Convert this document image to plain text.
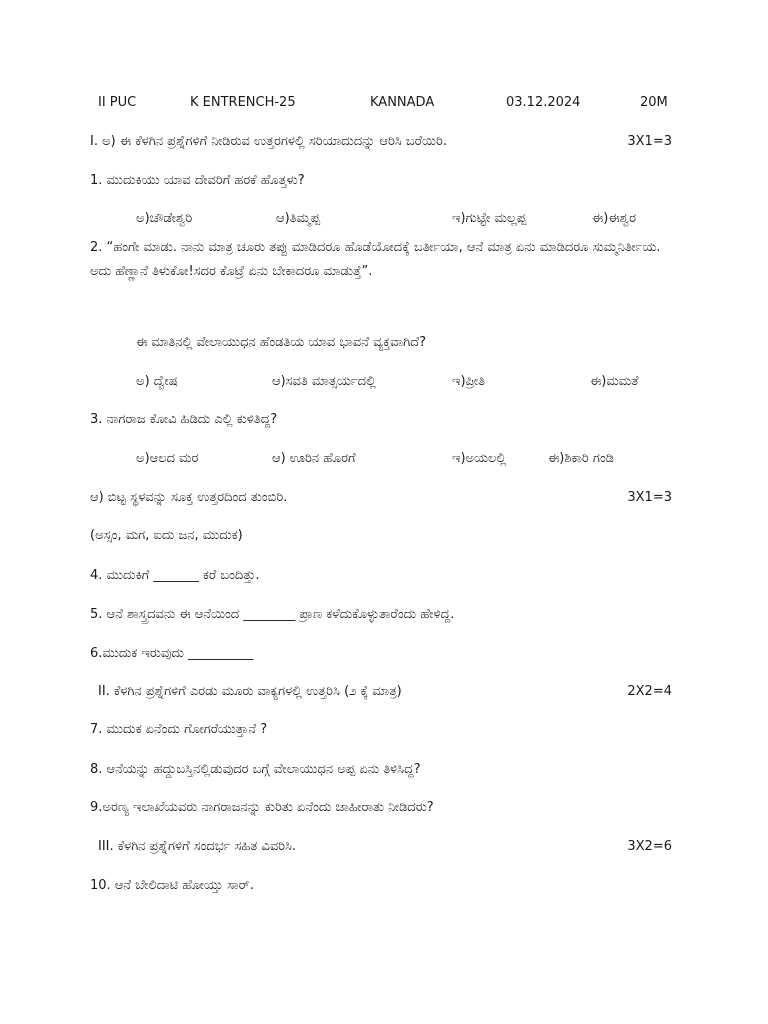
II PUC	K ENTRENCH-25	KANNADA	03.12.2024	20M
I. ಅ) ಈ ಕೆಳಗಿನ ಪ್ರಶ್ನೆಗಳಿಗೆ ನೀಡಿರುವ ಉತ್ತರಗಳಲ್ಲಿ ಸರಿಯಾದುದನ್ನು ಆರಿಸಿ ಬರೆಯಿರಿ.	3X1=3
1. ಮುದುಕಿಯು ಯಾವ ದೇವರಿಗೆ ಹರಕೆ ಹೊತ್ತಳು?
ಅ)ಚೌಡೇಶ್ವರಿ	ಆ)ತಿಮ್ಮಪ್ಪ	ಇ)ಗುಟ್ಟೇ ಮಲ್ಲಪ್ಪ	ಈ)ಈಶ್ವರ
2. “ಹಂಗೇ ಮಾಡು. ನಾನು ಮಾತ್ರ ಚೂರು ತಪ್ಪು ಮಾಡಿದರೂ ಹೊಡೆಯೋದಕ್ಕೆ ಬರ್ತೀಯಾ, ಆನೆ ಮಾತ್ರ ಏನು ಮಾಡಿದರೂ ಸುಮ್ಮನಿರ್ತೀಯ. ಅದು ಹೆಣ್ಣಾನೆ ತಿಳುಕೋ!ಸದರ ಕೊಟ್ರೆ ಏನು ಬೇಕಾದರೂ ಮಾಡುತ್ತೆ”.
ಈ ಮಾತಿನಲ್ಲಿ ವೇಲಾಯುಧನ ಹೆಂಡತಿಯ ಯಾವ ಭಾವನೆ ವ್ಯಕ್ತವಾಗಿದೆ?
ಅ) ದ್ವೇಷ	ಆ)ಸವತಿ ಮಾತ್ಸರ್ಯದಲ್ಲಿ	ಇ)ಪ್ರೀತಿ	ಈ)ಮಮತೆ
3. ನಾಗರಾಜ ಕೋವಿ ಹಿಡಿದು ಎಲ್ಲಿ ಕುಳಿತಿದ್ದ?
ಅ)ಆಲದ ಮರ	ಆ) ಊರಿನ ಹೊರಗೆ	ಇ)ಅಯಲಲ್ಲಿ	ಈ)ಶಿಕಾರಿ ಗಂಡಿ
ಆ) ಬಿಟ್ಟ ಸ್ಥಳವನ್ನು ಸೂಕ್ತ ಉತ್ತರದಿಂದ ತುಂಬಿರಿ.	3X1=3
(ಅಸ್ಸಂ, ಮಗ, ಐದು ಜನ, ಮುದುಕ)
4. ಮುದುಕಿಗೆ _______ ಕರೆ ಬಂದಿತ್ತು.
5. ಆನೆ ಶಾಸ್ತ್ರದವನು ಈ ಆನೆಯಿಂದ ________ ಪ್ರಾಣ ಕಳೆದುಕೊಳ್ಳುತಾರೆಂದು ಹೇಳಿದ್ದ.
6.ಮುದುಕ ಇರುವುದು __________
II. ಕೆಳಗಿನ ಪ್ರಶ್ನೆಗಳಿಗೆ ಎರಡು ಮೂರು ವಾಕ್ಯಗಳಲ್ಲಿ ಉತ್ತರಿಸಿ (೨ ಕ್ಕೆ ಮಾತ್ರ)	2X2=4
7. ಮುದುಕ ಏನೆಂದು ಗೋಗರೆಯುತ್ತಾನೆ ?
8. ಆನೆಯನ್ನು ಹದ್ದುಬಸ್ತಿನಲ್ಲಿಡುವುದರ ಬಗ್ಗೆ ವೇಲಾಯುಧನ ಅಪ್ಪ ಏನು ತಿಳಿಸಿದ್ದ?
9.ಅರಣ್ಯ ಇಲಾಖೆಯವರು ನಾಗರಾಜನನ್ನು ಕುರಿತು ಏನೆಂದು ಜಾಹೀರಾತು ನೀಡಿದರು?
III. ಕೆಳಗಿನ ಪ್ರಶ್ನೆಗಳಿಗೆ ಸಂದರ್ಭ ಸಹಿತ ವಿವರಿಸಿ.	3X2=6
10. ಆನೆ ಬೇಲಿದಾಟಿ ಹೋಯ್ತು ಸಾರ್.
